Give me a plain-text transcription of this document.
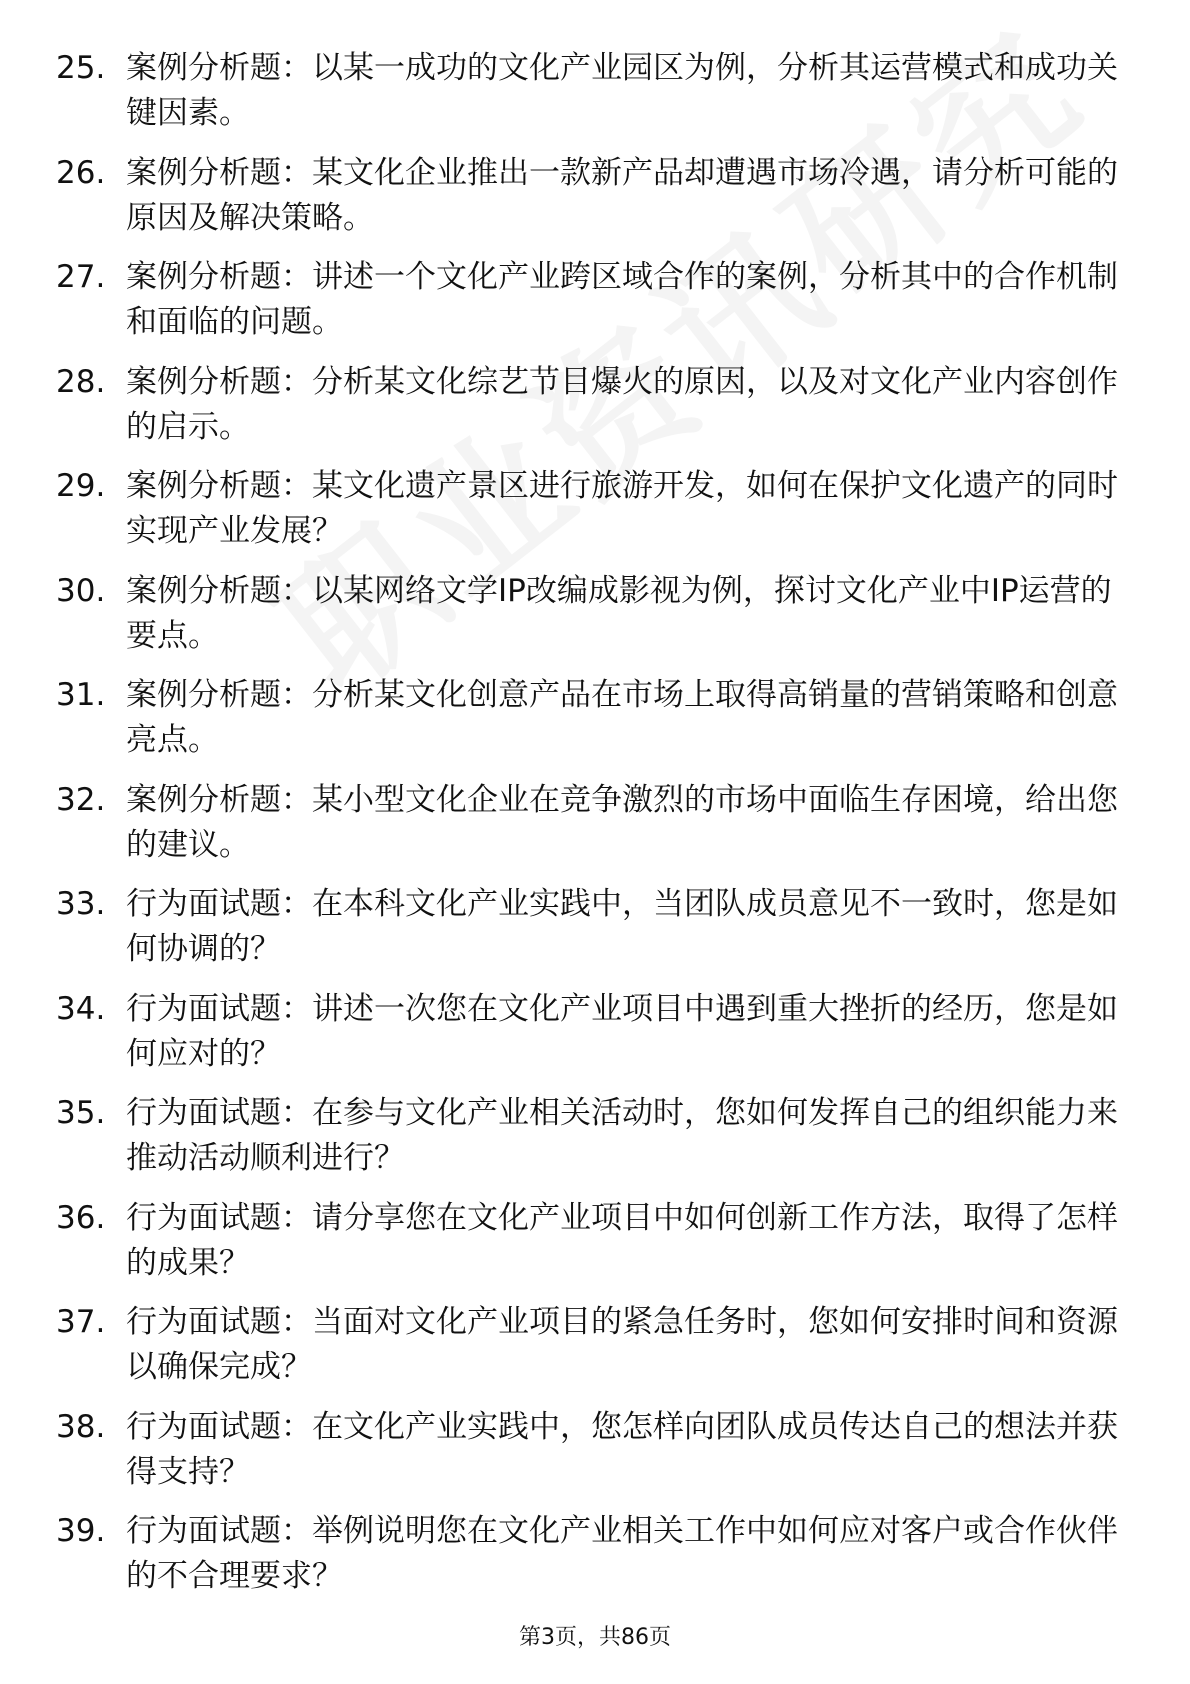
25. 案例分析题：以某一成功的文化产业园区为例，分析其运营模式和成功关键因素。
26. 案例分析题：某文化企业推出一款新产品却遭遇市场冷遇，请分析可能的原因及解决策略。
27. 案例分析题：讲述一个文化产业跨区域合作的案例，分析其中的合作机制和面临的问题。
28. 案例分析题：分析某文化综艺节目爆火的原因，以及对文化产业内容创作的启示。
29. 案例分析题：某文化遗产景区进行旅游开发，如何在保护文化遗产的同时实现产业发展？
30. 案例分析题：以某网络文学IP改编成影视为例，探讨文化产业中IP运营的要点。
31. 案例分析题：分析某文化创意产品在市场上取得高销量的营销策略和创意亮点。
32. 案例分析题：某小型文化企业在竞争激烈的市场中面临生存困境，给出您的建议。
33. 行为面试题：在本科文化产业实践中，当团队成员意见不一致时，您是如何协调的？
34. 行为面试题：讲述一次您在文化产业项目中遇到重大挫折的经历，您是如何应对的？
35. 行为面试题：在参与文化产业相关活动时，您如何发挥自己的组织能力来推动活动顺利进行？
36. 行为面试题：请分享您在文化产业项目中如何创新工作方法，取得了怎样的成果？
37. 行为面试题：当面对文化产业项目的紧急任务时，您如何安排时间和资源以确保完成？
38. 行为面试题：在文化产业实践中，您怎样向团队成员传达自己的想法并获得支持？
39. 行为面试题：举例说明您在文化产业相关工作中如何应对客户或合作伙伴的不合理要求？
第3页，共86页
